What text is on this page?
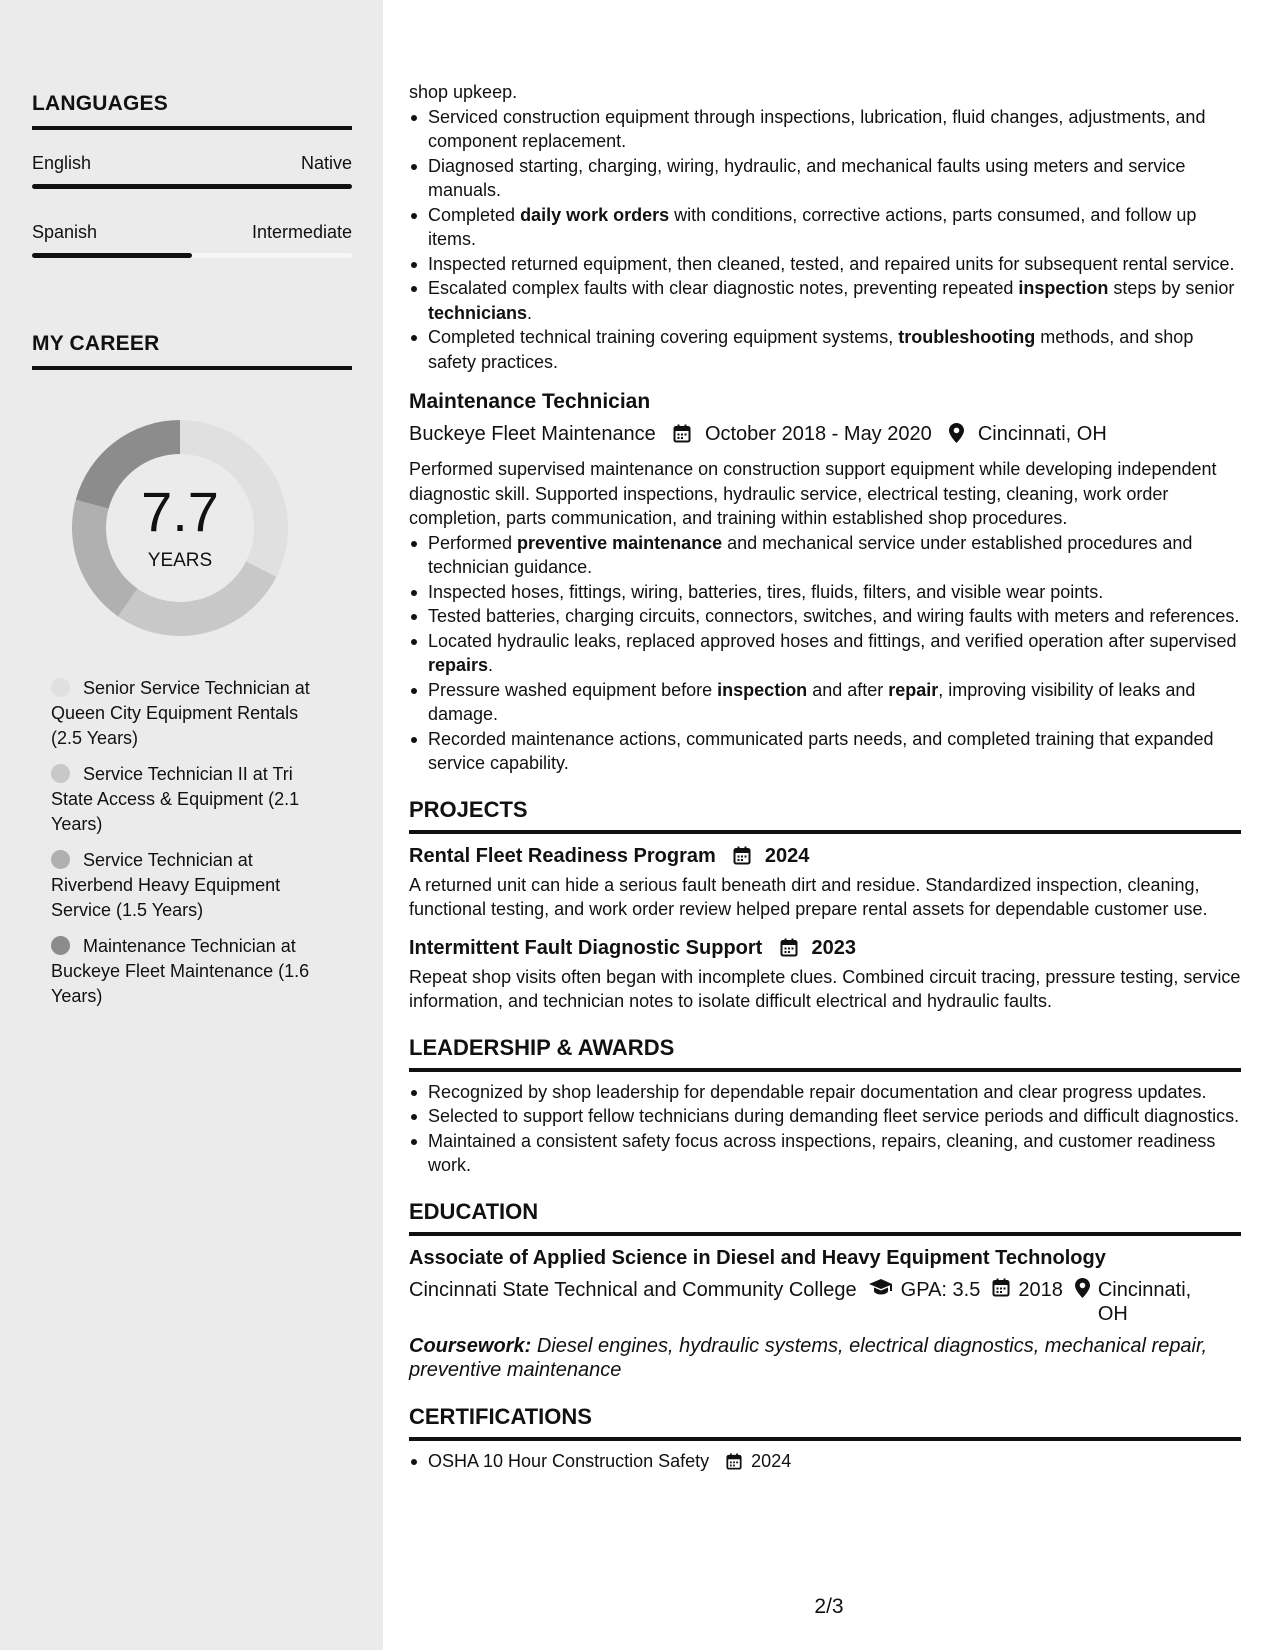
LANGUAGES
English	Native
Spanish	Intermediate
MY CAREER
7.7
YEARS
Senior Service Technician at Queen City Equipment Rentals (2.5 Years)
Service Technician II at Tri State Access & Equipment (2.1 Years)
Service Technician at Riverbend Heavy Equipment Service (1.5 Years)
Maintenance Technician at Buckeye Fleet Maintenance (1.6 Years)
shop upkeep.
Serviced construction equipment through inspections, lubrication, fluid changes, adjustments, and component replacement.
Diagnosed starting, charging, wiring, hydraulic, and mechanical faults using meters and service manuals.
Completed daily work orders with conditions, corrective actions, parts consumed, and follow up items.
Inspected returned equipment, then cleaned, tested, and repaired units for subsequent rental service.
Escalated complex faults with clear diagnostic notes, preventing repeated inspection steps by senior technicians.
Completed technical training covering equipment systems, troubleshooting methods, and shop safety practices.
Maintenance Technician
Buckeye Fleet Maintenance October 2018 - May 2020 Cincinnati, OH
Performed supervised maintenance on construction support equipment while developing independent diagnostic skill. Supported inspections, hydraulic service, electrical testing, cleaning, work order completion, parts communication, and training within established shop procedures.
Performed preventive maintenance and mechanical service under established procedures and technician guidance.
Inspected hoses, fittings, wiring, batteries, tires, fluids, filters, and visible wear points.
Tested batteries, charging circuits, connectors, switches, and wiring faults with meters and references.
Located hydraulic leaks, replaced approved hoses and fittings, and verified operation after supervised repairs.
Pressure washed equipment before inspection and after repair, improving visibility of leaks and damage.
Recorded maintenance actions, communicated parts needs, and completed training that expanded service capability.
PROJECTS
Rental Fleet Readiness Program 2024
A returned unit can hide a serious fault beneath dirt and residue. Standardized inspection, cleaning, functional testing, and work order review helped prepare rental assets for dependable customer use.
Intermittent Fault Diagnostic Support 2023
Repeat shop visits often began with incomplete clues. Combined circuit tracing, pressure testing, service information, and technician notes to isolate difficult electrical and hydraulic faults.
LEADERSHIP & AWARDS
Recognized by shop leadership for dependable repair documentation and clear progress updates.
Selected to support fellow technicians during demanding fleet service periods and difficult diagnostics.
Maintained a consistent safety focus across inspections, repairs, cleaning, and customer readiness work.
EDUCATION
Associate of Applied Science in Diesel and Heavy Equipment Technology
Cincinnati State Technical and Community College GPA: 3.5 2018 Cincinnati, OH
Coursework: Diesel engines, hydraulic systems, electrical diagnostics, mechanical repair, preventive maintenance
CERTIFICATIONS
OSHA 10 Hour Construction Safety 2024
2/3
